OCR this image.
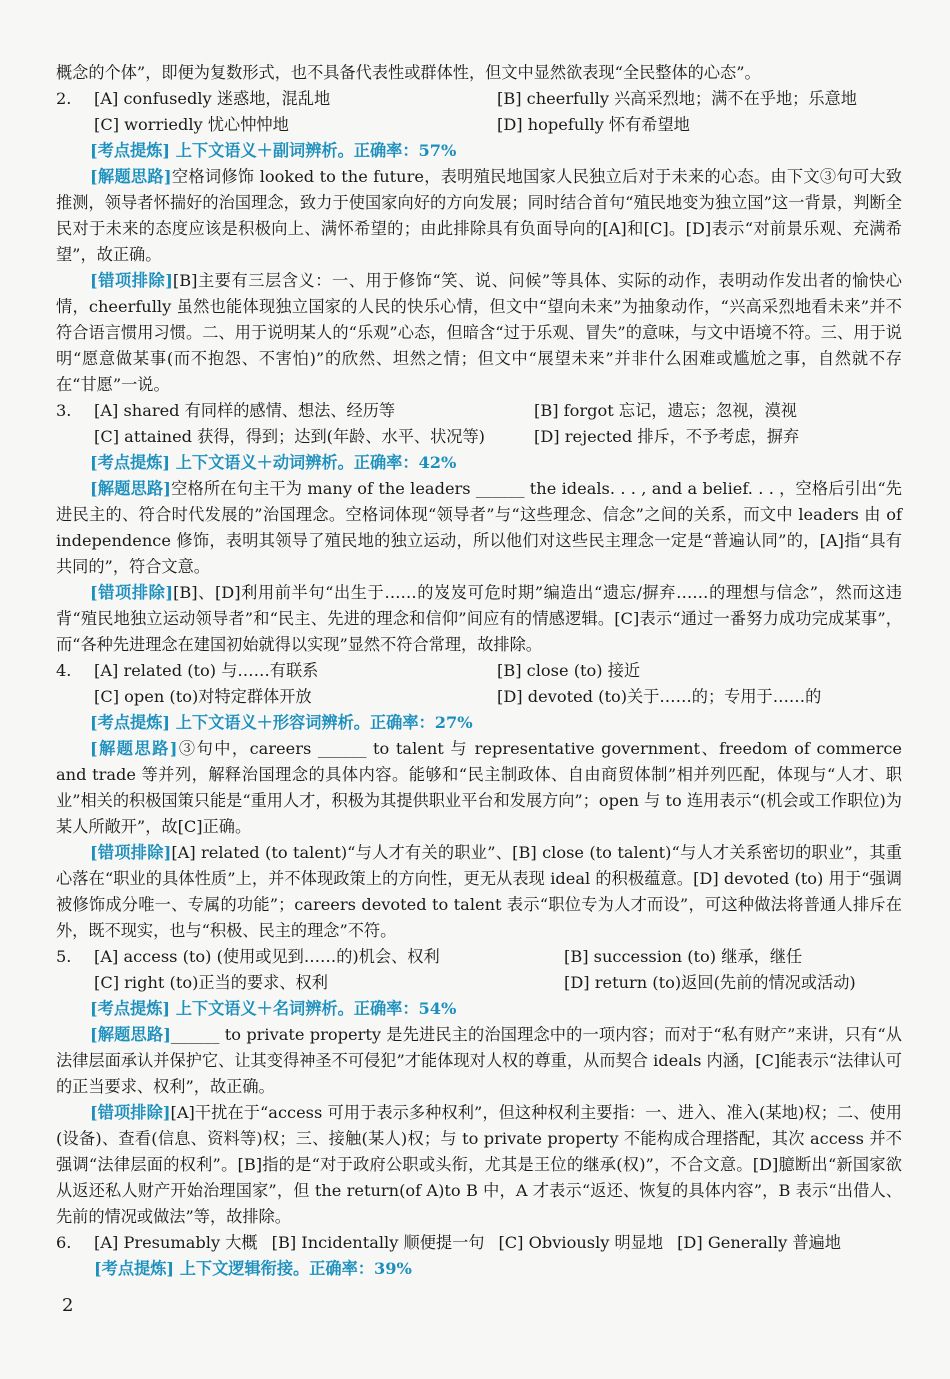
概念的个体”，即便为复数形式，也不具备代表性或群体性，但文中显然欲表现“全民整体的心态”。

2.	[A] confusedly 迷惑地，混乱地	[B] cheerfully 兴高采烈地；满不在乎地；乐意地
[C] worriedly 忧心忡忡地	[D] hopefully 怀有希望地
[考点提炼] 上下文语义＋副词辨析。正确率：57%

[解题思路]空格词修饰 looked to the future，表明殖民地国家人民独立后对于未来的心态。由下文③句可大致推测，领导者怀揣好的治国理念，致力于使国家向好的方向发展；同时结合首句“殖民地变为独立国”这一背景，判断全民对于未来的态度应该是积极向上、满怀希望的；由此排除具有负面导向的[A]和[C]。[D]表示“对前景乐观、充满希望”，故正确。

[错项排除][B]主要有三层含义：一、用于修饰“笑、说、问候”等具体、实际的动作，表明动作发出者的愉快心情，cheerfully 虽然也能体现独立国家的人民的快乐心情，但文中“望向未来”为抽象动作，“兴高采烈地看未来”并不符合语言惯用习惯。二、用于说明某人的“乐观”心态，但暗含“过于乐观、冒失”的意味，与文中语境不符。三、用于说明“愿意做某事(而不抱怨、不害怕)”的欣然、坦然之情；但文中“展望未来”并非什么困难或尴尬之事，自然就不存在“甘愿”一说。

3.	[A] shared 有同样的感情、想法、经历等	[B] forgot 忘记，遗忘；忽视，漠视
[C] attained 获得，得到；达到(年龄、水平、状况等)	[D] rejected 排斥，不予考虑，摒弃
[考点提炼] 上下文语义＋动词辨析。正确率：42%

[解题思路]空格所在句主干为 many of the leaders ______ the ideals. . . , and a belief. . . ，空格后引出“先进民主的、符合时代发展的”治国理念。空格词体现“领导者”与“这些理念、信念”之间的关系，而文中 leaders 由 of independence 修饰，表明其领导了殖民地的独立运动，所以他们对这些民主理念一定是“普遍认同”的，[A]指“具有共同的”，符合文意。

[错项排除][B]、[D]利用前半句“出生于……的岌岌可危时期”编造出“遗忘/摒弃……的理想与信念”，然而这违背“殖民地独立运动领导者”和“民主、先进的理念和信仰”间应有的情感逻辑。[C]表示“通过一番努力成功完成某事”，而“各种先进理念在建国初始就得以实现”显然不符合常理，故排除。

4.	[A] related (to) 与……有联系	[B] close (to) 接近
[C] open (to)对特定群体开放	[D] devoted (to)关于……的；专用于……的
[考点提炼] 上下文语义＋形容词辨析。正确率：27%

[解题思路]③句中，careers ______ to talent 与 representative government、freedom of commerce and trade 等并列，解释治国理念的具体内容。能够和“民主制政体、自由商贸体制”相并列匹配，体现与“人才、职业”相关的积极国策只能是“重用人才，积极为其提供职业平台和发展方向”；open 与 to 连用表示“(机会或工作职位)为某人所敞开”，故[C]正确。

[错项排除][A] related (to talent)“与人才有关的职业”、[B] close (to talent)“与人才关系密切的职业”，其重心落在“职业的具体性质”上，并不体现政策上的方向性，更无从表现 ideal 的积极蕴意。[D] devoted (to) 用于“强调被修饰成分唯一、专属的功能”；careers devoted to talent 表示“职位专为人才而设”，可这种做法将普通人排斥在外，既不现实，也与“积极、民主的理念”不符。

5.	[A] access (to) (使用或见到……的)机会、权利	[B] succession (to) 继承，继任
[C] right (to)正当的要求、权利	[D] return (to)返回(先前的情况或活动)
[考点提炼] 上下文语义＋名词辨析。正确率：54%

[解题思路]______ to private property 是先进民主的治国理念中的一项内容；而对于“私有财产”来讲，只有“从法律层面承认并保护它、让其变得神圣不可侵犯”才能体现对人权的尊重，从而契合 ideals 内涵，[C]能表示“法律认可的正当要求、权利”，故正确。

[错项排除][A]干扰在于“access 可用于表示多种权利”，但这种权利主要指：一、进入、准入(某地)权；二、使用(设备)、查看(信息、资料等)权；三、接触(某人)权；与 to private property 不能构成合理搭配，其次 access 并不强调“法律层面的权利”。[B]指的是“对于政府公职或头衔，尤其是王位的继承(权)”，不合文意。[D]臆断出“新国家欲从返还私人财产开始治理国家”，但 the return(of A)to B 中，A 才表示“返还、恢复的具体内容”，B 表示“出借人、先前的情况或做法”等，故排除。

6.	[A] Presumably 大概 [B] Incidentally 顺便提一句 [C] Obviously 明显地 [D] Generally 普遍地
[考点提炼] 上下文逻辑衔接。正确率：39%
2
